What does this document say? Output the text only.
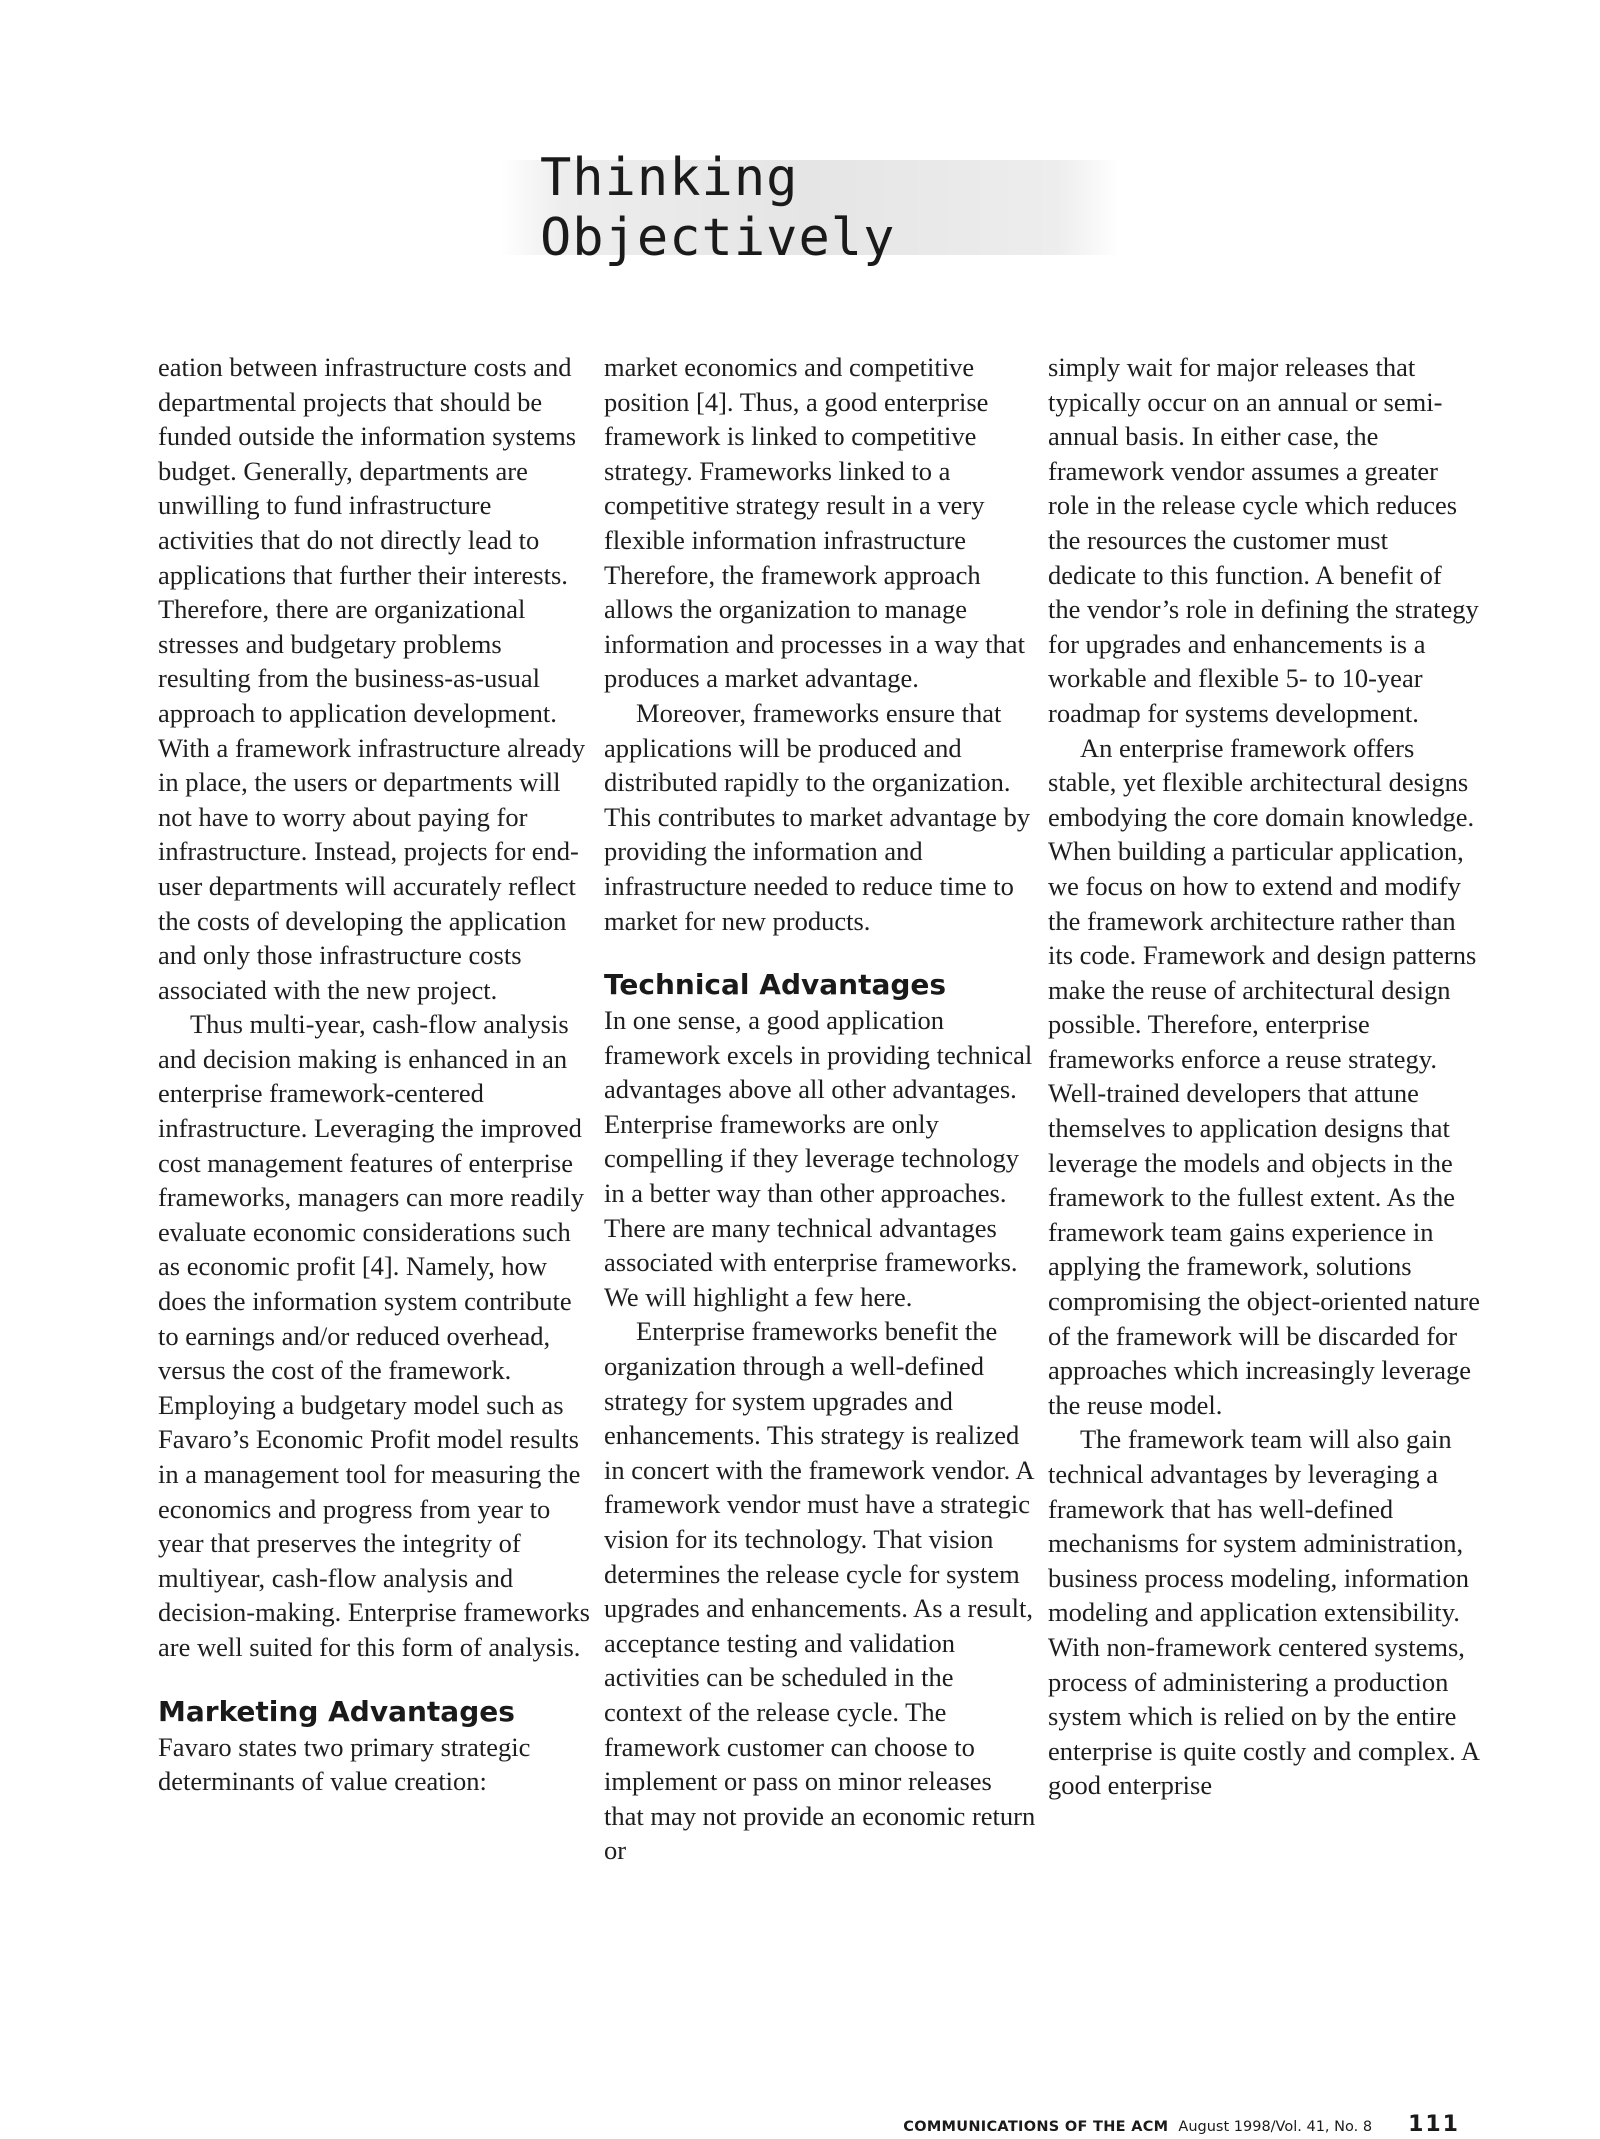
Thinking Objectively

eation between infrastructure costs and departmental projects that should be funded outside the information systems budget. Generally, departments are unwilling to fund infrastructure activities that do not directly lead to applications that further their interests. Therefore, there are organizational stresses and budgetary problems resulting from the business-as-usual approach to application development. With a framework infrastructure already in place, the users or departments will not have to worry about paying for infrastructure. Instead, projects for end-user departments will accurately reflect the costs of developing the application and only those infrastructure costs associated with the new project.

Thus multi-year, cash-flow analysis and decision making is enhanced in an enterprise framework-centered infrastructure. Leveraging the improved cost management features of enterprise frameworks, managers can more readily evaluate economic considerations such as economic profit [4]. Namely, how does the information system contribute to earnings and/or reduced overhead, versus the cost of the framework. Employing a budgetary model such as Favaro’s Economic Profit model results in a management tool for measuring the economics and progress from year to year that preserves the integrity of multiyear, cash-flow analysis and decision-making. Enterprise frameworks are well suited for this form of analysis.

Marketing Advantages

Favaro states two primary strategic determinants of value creation:

market economics and competitive position [4]. Thus, a good enterprise framework is linked to competitive strategy. Frameworks linked to a competitive strategy result in a very flexible information infrastructure Therefore, the framework approach allows the organization to manage information and processes in a way that produces a market advantage.

Moreover, frameworks ensure that applications will be produced and distributed rapidly to the organization. This contributes to market advantage by providing the information and infrastructure needed to reduce time to market for new products.

Technical Advantages

In one sense, a good application framework excels in providing technical advantages above all other advantages. Enterprise frameworks are only compelling if they leverage technology in a better way than other approaches. There are many technical advantages associated with enterprise frameworks. We will highlight a few here.

Enterprise frameworks benefit the organization through a well-defined strategy for system upgrades and enhancements. This strategy is realized in concert with the framework vendor. A framework vendor must have a strategic vision for its technology. That vision determines the release cycle for system upgrades and enhancements. As a result, acceptance testing and validation activities can be scheduled in the context of the release cycle. The framework customer can choose to implement or pass on minor releases that may not provide an economic return or

simply wait for major releases that typically occur on an annual or semi-annual basis. In either case, the framework vendor assumes a greater role in the release cycle which reduces the resources the customer must dedicate to this function. A benefit of the vendor’s role in defining the strategy for upgrades and enhancements is a workable and flexible 5- to 10-year roadmap for systems development.

An enterprise framework offers stable, yet flexible architectural designs embodying the core domain knowledge. When building a particular application, we focus on how to extend and modify the framework architecture rather than its code. Framework and design patterns make the reuse of architectural design possible. Therefore, enterprise frameworks enforce a reuse strategy. Well-trained developers that attune themselves to application designs that leverage the models and objects in the framework to the fullest extent. As the framework team gains experience in applying the framework, solutions compromising the object-oriented nature of the framework will be discarded for approaches which increasingly leverage the reuse model.

The framework team will also gain technical advantages by leveraging a framework that has well-defined mechanisms for system administration, business process modeling, information modeling and application extensibility. With non-framework centered systems, process of administering a production system which is relied on by the entire enterprise is quite costly and complex. A good enterprise

COMMUNICATIONS OF THE ACM August 1998/Vol. 41, No. 8 111
